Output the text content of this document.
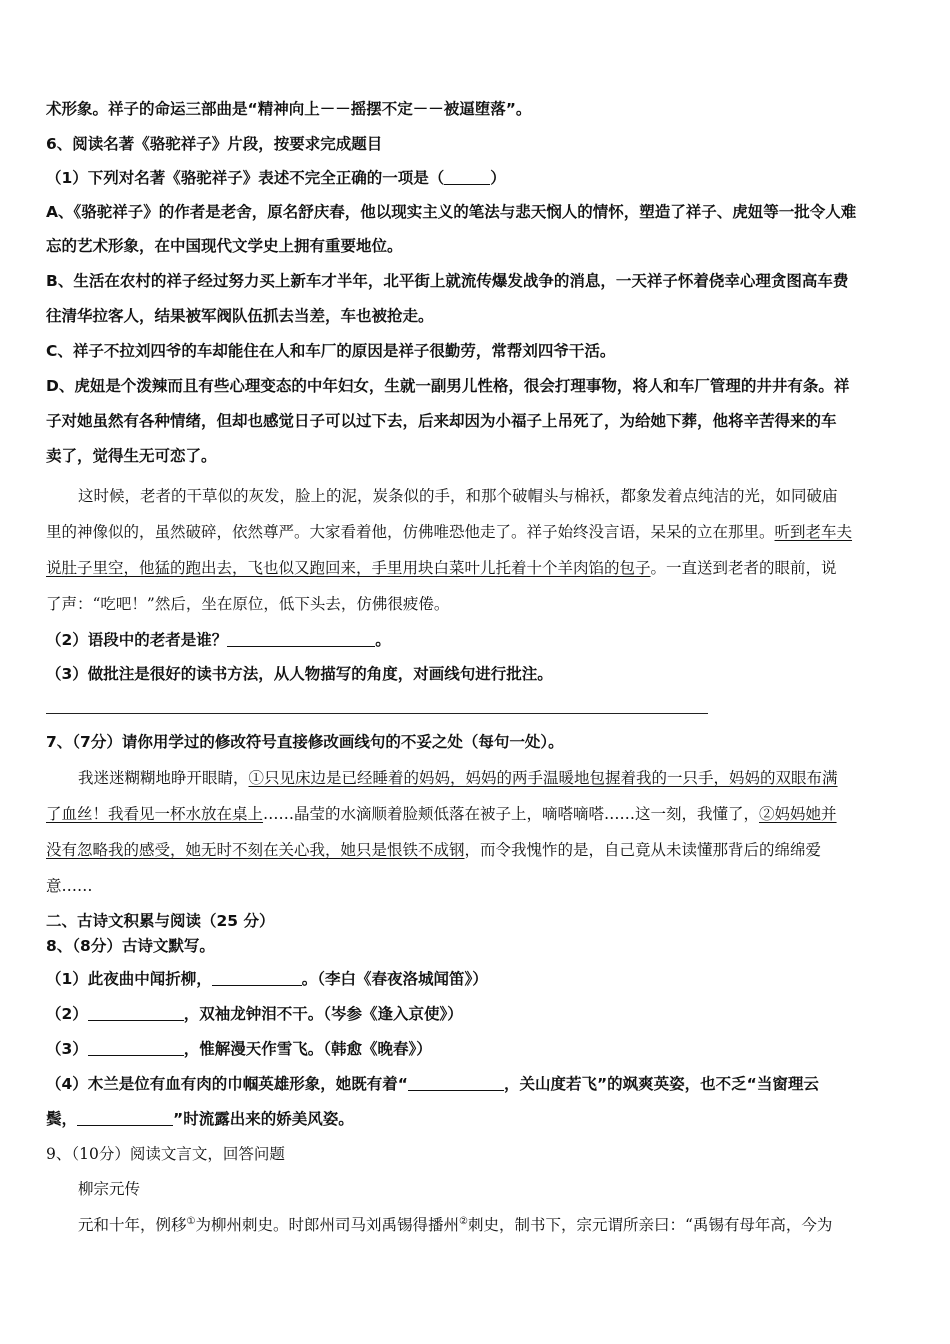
术形象。祥子的命运三部曲是“精神向上－－摇摆不定－－被逼堕落”。
6、阅读名著《骆驼祥子》片段，按要求完成题目
（1）下列对名著《骆驼祥子》表述不完全正确的一项是（	）
A、《骆驼祥子》的作者是老舍，原名舒庆春，他以现实主义的笔法与悲天悯人的情怀，塑造了祥子、虎妞等一批令人难
忘的艺术形象，在中国现代文学史上拥有重要地位。
B、生活在农村的祥子经过努力买上新车才半年，北平街上就流传爆发战争的消息，一天祥子怀着侥幸心理贪图高车费
往清华拉客人，结果被军阀队伍抓去当差，车也被抢走。
C、祥子不拉刘四爷的车却能住在人和车厂的原因是祥子很勤劳，常帮刘四爷干活。
D、虎妞是个泼辣而且有些心理变态的中年妇女，生就一副男儿性格，很会打理事物，将人和车厂管理的井井有条。祥
子对她虽然有各种情绪，但却也感觉日子可以过下去，后来却因为小福子上吊死了，为给她下葬，他将辛苦得来的车
卖了，觉得生无可恋了。
这时候，老者的干草似的灰发，脸上的泥，炭条似的手，和那个破帽头与棉袄，都象发着点纯洁的光，如同破庙
里的神像似的，虽然破碎，依然尊严。大家看着他，仿佛唯恐他走了。祥子始终没言语，呆呆的立在那里。听到老车夫
说肚子里空，他猛的跑出去，飞也似又跑回来，手里用块白菜叶儿托着十个羊肉馅的包子。一直送到老者的眼前，说
了声：“吃吧！”然后，坐在原位，低下头去，仿佛很疲倦。
（2）语段中的老者是谁？	。
（3）做批注是很好的读书方法，从人物描写的角度，对画线句进行批注。
7、（7分）请你用学过的修改符号直接修改画线句的不妥之处（每句一处）。
我迷迷糊糊地睁开眼睛，①只见床边是已经睡着的妈妈，妈妈的两手温暖地包握着我的一只手，妈妈的双眼布满
了血丝！我看见一杯水放在桌上……晶莹的水滴顺着脸颊低落在被子上，嘀嗒嘀嗒……这一刻，我懂了，②妈妈她并
没有忽略我的感受，她无时不刻在关心我，她只是恨铁不成钢，而令我愧怍的是，自己竟从未读懂那背后的绵绵爱
意……
二、古诗文积累与阅读（25 分）
8、（8分）古诗文默写。
（1）此夜曲中闻折柳，	。（李白《春夜洛城闻笛》）
（2）	，双袖龙钟泪不干。（岑参《逢入京使》）
（3）	，惟解漫天作雪飞。（韩愈《晚春》）
（4）木兰是位有血有肉的巾帼英雄形象，她既有着“	，关山度若飞”的飒爽英姿，也不乏“当窗理云
鬓，	”时流露出来的娇美风姿。
9、（10分）阅读文言文，回答问题
柳宗元传
元和十年，例移①为柳州刺史。时郎州司马刘禹锡得播州②刺史，制书下，宗元谓所亲曰：“禹锡有母年高，今为
